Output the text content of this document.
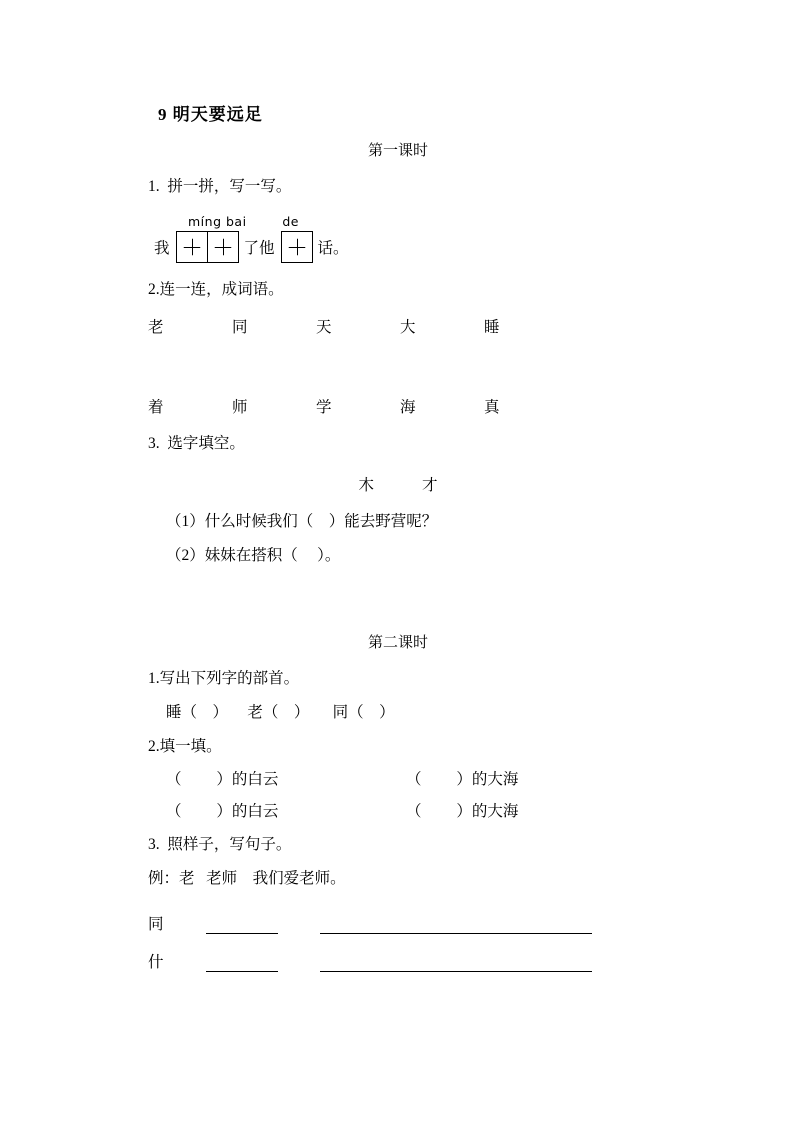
9 明天要远足
第一课时
1.  拼一拼，写一写。
míng bai        de
我	了他	话。
2.连一连，成词语。
老	同	天	大	睡
着	师	学	海	真
3.  选字填空。
木	才
（1）什么时候我们（    ）能去野营呢？
（2）妹妹在搭积（     ）。
第二课时
1.写出下列字的部首。
睡（    ）     老（    ）      同（    ）
2.填一填。
（         ）的白云	（         ）的大海
（         ）的白云	（         ）的大海
3.  照样子，写句子。
例：老   老师    我们爱老师。
同
什
